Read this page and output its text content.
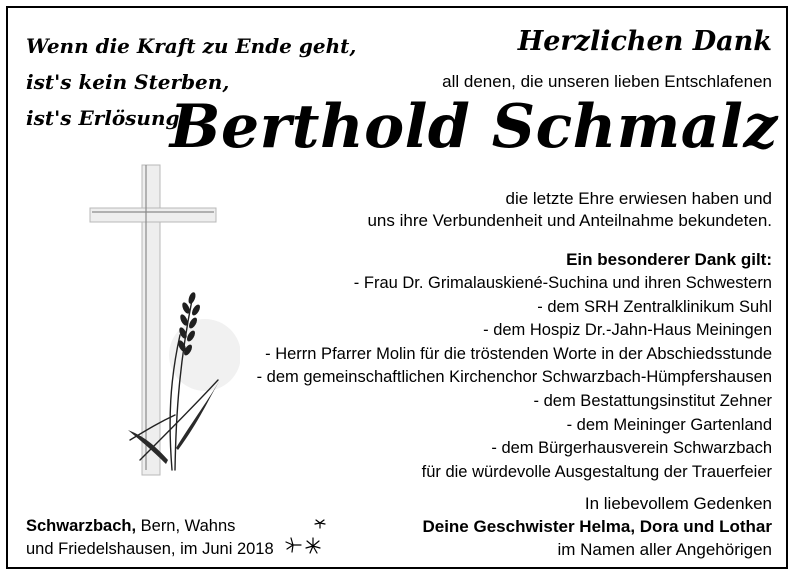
Wenn die Kraft zu Ende geht,
ist's kein Sterben,
ist's Erlösung.
Herzlichen Dank
all denen, die unseren lieben Entschlafenen
Berthold Schmalz
die letzte Ehre erwiesen haben und
uns ihre Verbundenheit und Anteilnahme bekundeten.
Ein besonderer Dank gilt:
- Frau Dr. Grimalauskiené-Suchina und ihren Schwestern
- dem SRH Zentralklinikum Suhl
- dem Hospiz Dr.-Jahn-Haus Meiningen
- Herrn Pfarrer Molin für die tröstenden Worte in der Abschiedsstunde
- dem gemeinschaftlichen Kirchenchor Schwarzbach-Hümpfershausen
- dem Bestattungsinstitut Zehner
- dem Meininger Gartenland
- dem Bürgerhausverein Schwarzbach
für die würdevolle Ausgestaltung der Trauerfeier
In liebevollem Gedenken
Deine Geschwister Helma, Dora und Lothar
im Namen aller Angehörigen
Schwarzbach, Bern, Wahns
und Friedelshausen, im Juni 2018
